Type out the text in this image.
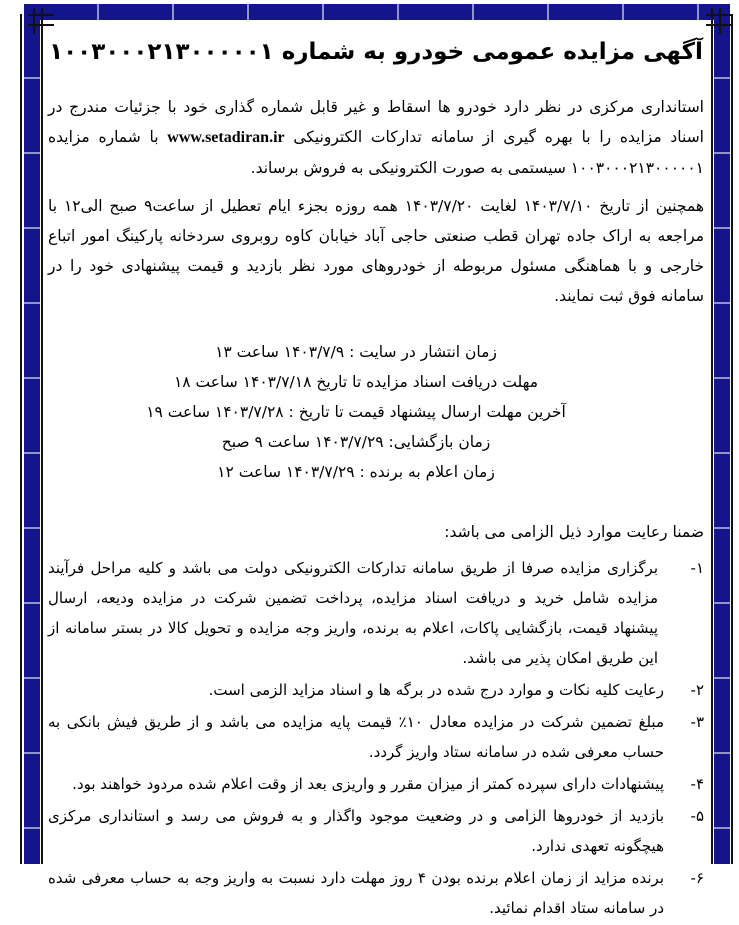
آگهی مزایده عمومی خودرو به شماره ۱۰۰۳۰۰۰۲۱۳۰۰۰۰۰۱

استانداری مرکزی در نظر دارد خودرو ها اسقاط و غیر قابل شماره گذاری خود با جزئیات مندرج در اسناد مزایده را با بهره گیری از سامانه تدارکات الکترونیکی www.setadiran.ir با شماره مزایده ۱۰۰۳۰۰۰۲۱۳۰۰۰۰۰۱ سیستمی به صورت الکترونیکی به فروش برساند.

همچنین از تاریخ ۱۴۰۳/۷/۱۰ لغایت ۱۴۰۳/۷/۲۰ همه روزه بجزء ایام تعطیل از ساعت۹ صبح الی۱۲ با مراجعه به اراک جاده تهران قطب صنعتی حاجی آباد خیابان کاوه روبروی سردخانه پارکینگ امور اتباع خارجی و با هماهنگی مسئول مربوطه از خودروهای مورد نظر بازدید و قیمت پیشنهادی خود را در سامانه فوق ثبت نمایند.

زمان انتشار در سایت : ۱۴۰۳/۷/۹ ساعت ۱۳
مهلت دریافت اسناد مزایده تا تاریخ ۱۴۰۳/۷/۱۸ ساعت ۱۸
آخرین مهلت ارسال پیشنهاد قیمت تا تاریخ : ۱۴۰۳/۷/۲۸ ساعت ۱۹
زمان بازگشایی: ۱۴۰۳/۷/۲۹ ساعت ۹ صبح
زمان اعلام به برنده : ۱۴۰۳/۷/۲۹ ساعت ۱۲

ضمنا رعایت موارد ذیل الزامی می باشد:

۱-
برگزاری مزایده صرفا از طریق سامانه تدارکات الکترونیکی دولت می باشد و کلیه مراحل فرآیند مزایده شامل خرید و دریافت اسناد مزایده، پرداخت تضمین شرکت در مزایده ودیعه، ارسال پیشنهاد قیمت، بازگشایی پاکات، اعلام به برنده، واریز وجه مزایده و تحویل کالا در بستر سامانه از این طریق امکان پذیر می باشد.
۲-
رعایت کلیه نکات و موارد درج شده در برگه ها و اسناد مزاید الزمی است.
۳-
مبلغ تضمین شرکت در مزایده معادل ۱۰٪ قیمت پایه مزایده می باشد و از طریق فیش بانکی به حساب معرفی شده در سامانه ستاد واریز گردد.
۴-
پیشنهادات دارای سپرده کمتر از میزان مقرر و واریزی بعد از وقت اعلام شده مردود خواهند بود.
۵-
بازدید از خودروها الزامی و در وضعیت موجود واگذار و به فروش می رسد و استانداری مرکزی هیچگونه تعهدی ندارد.
۶-
برنده مزاید از زمان اعلام برنده بودن ۴ روز مهلت دارد نسبت به واریز وجه به حساب معرفی شده در سامانه ستاد اقدام نمائید.
